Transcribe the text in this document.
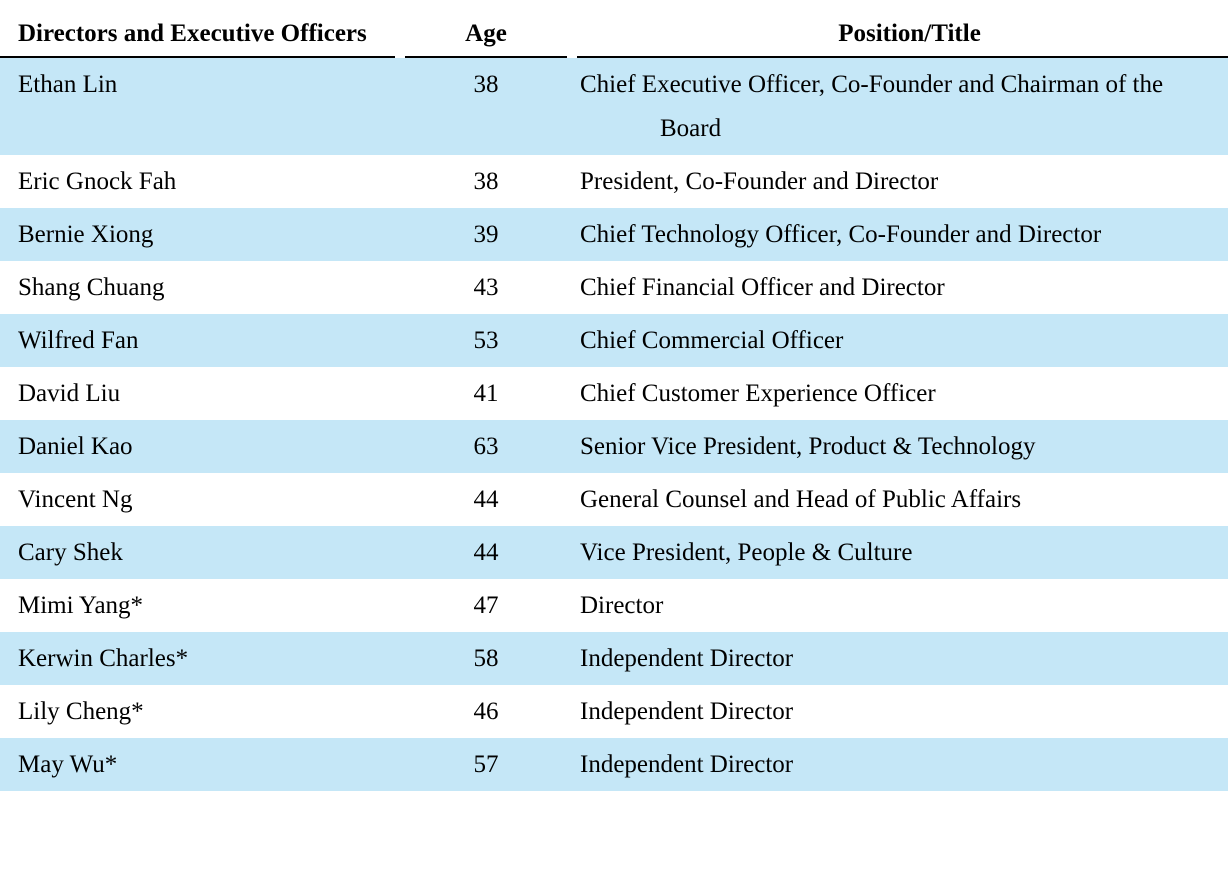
Directors and Executive Officers	Age	Position/Title
Ethan Lin	38	Chief Executive Officer, Co-Founder and Chairman of the Board
Eric Gnock Fah	38	President, Co-Founder and Director
Bernie Xiong	39	Chief Technology Officer, Co-Founder and Director
Shang Chuang	43	Chief Financial Officer and Director
Wilfred Fan	53	Chief Commercial Officer
David Liu	41	Chief Customer Experience Officer
Daniel Kao	63	Senior Vice President, Product & Technology
Vincent Ng	44	General Counsel and Head of Public Affairs
Cary Shek	44	Vice President, People & Culture
Mimi Yang*	47	Director
Kerwin Charles*	58	Independent Director
Lily Cheng*	46	Independent Director
May Wu*	57	Independent Director
